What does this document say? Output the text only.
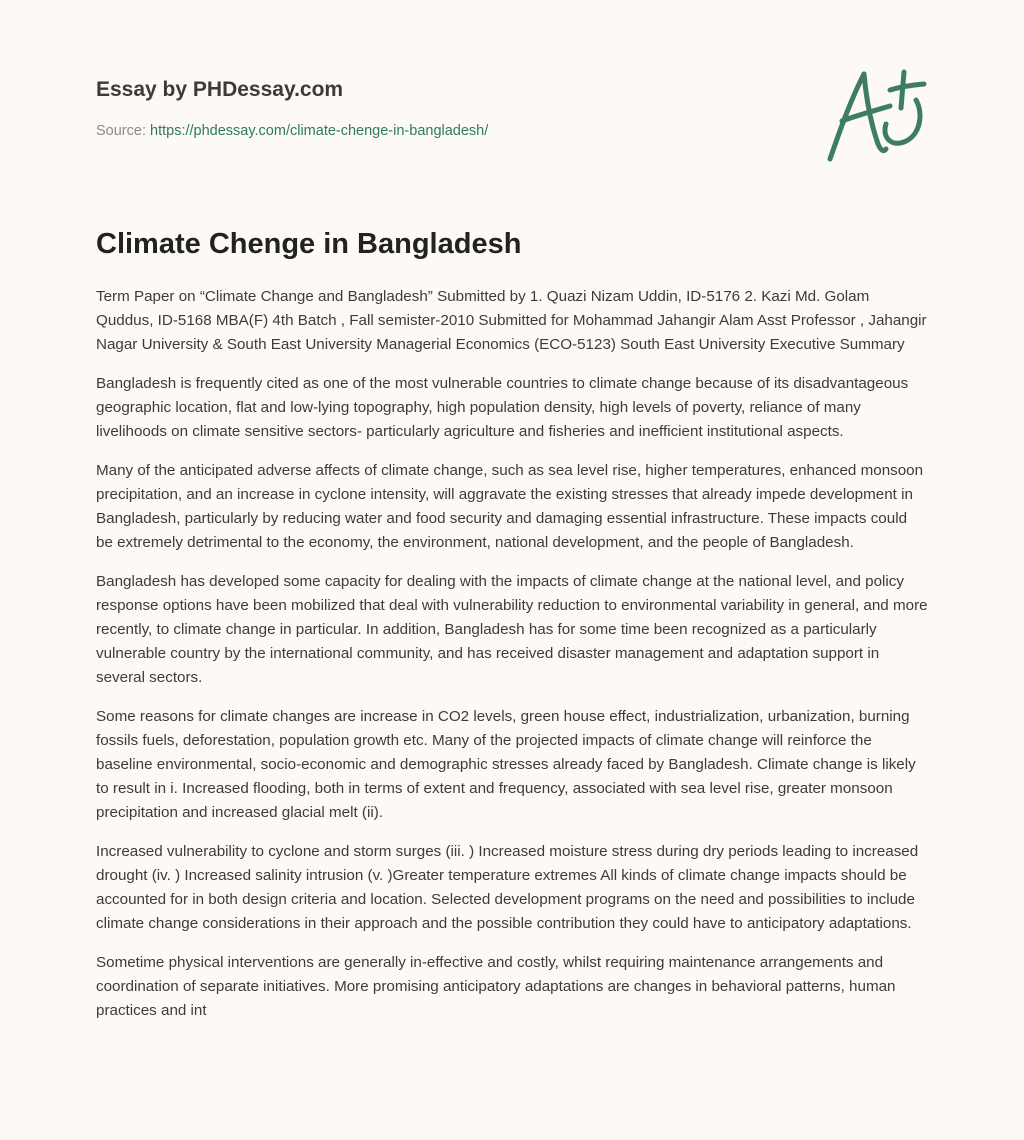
Essay by PHDessay.com
Source: https://phdessay.com/climate-chenge-in-bangladesh/
Climate Chenge in Bangladesh

Term Paper on “Climate Change and Bangladesh” Submitted by 1. Quazi Nizam Uddin, ID-5176 2. Kazi Md. Golam Quddus, ID-5168 MBA(F) 4th Batch , Fall semister-2010 Submitted for Mohammad Jahangir Alam Asst Professor , Jahangir Nagar University & South East University Managerial Economics (ECO-5123) South East University Executive Summary

Bangladesh is frequently cited as one of the most vulnerable countries to climate change because of its disadvantageous geographic location, flat and low-lying topography, high population density, high levels of poverty, reliance of many livelihoods on climate sensitive sectors- particularly agriculture and fisheries and inefficient institutional aspects.

Many of the anticipated adverse affects of climate change, such as sea level rise, higher temperatures, enhanced monsoon precipitation, and an increase in cyclone intensity, will aggravate the existing stresses that already impede development in Bangladesh, particularly by reducing water and food security and damaging essential infrastructure. These impacts could be extremely detrimental to the economy, the environment, national development, and the people of Bangladesh.

Bangladesh has developed some capacity for dealing with the impacts of climate change at the national level, and policy response options have been mobilized that deal with vulnerability reduction to environmental variability in general, and more recently, to climate change in particular. In addition, Bangladesh has for some time been recognized as a particularly vulnerable country by the international community, and has received disaster management and adaptation support in several sectors.

Some reasons for climate changes are increase in CO2 levels, green house effect, industrialization, urbanization, burning fossils fuels, deforestation, population growth etc. Many of the projected impacts of climate change will reinforce the baseline environmental, socio-economic and demographic stresses already faced by Bangladesh. Climate change is likely to result in i. Increased flooding, both in terms of extent and frequency, associated with sea level rise, greater monsoon precipitation and increased glacial melt (ii).

Increased vulnerability to cyclone and storm surges (iii. ) Increased moisture stress during dry periods leading to increased drought (iv. ) Increased salinity intrusion (v. )Greater temperature extremes All kinds of climate change impacts should be accounted for in both design criteria and location. Selected development programs on the need and possibilities to include climate change considerations in their approach and the possible contribution they could have to anticipatory adaptations.

Sometime physical interventions are generally in-effective and costly, whilst requiring maintenance arrangements and coordination of separate initiatives. More promising anticipatory adaptations are changes in behavioral patterns, human practices and int
